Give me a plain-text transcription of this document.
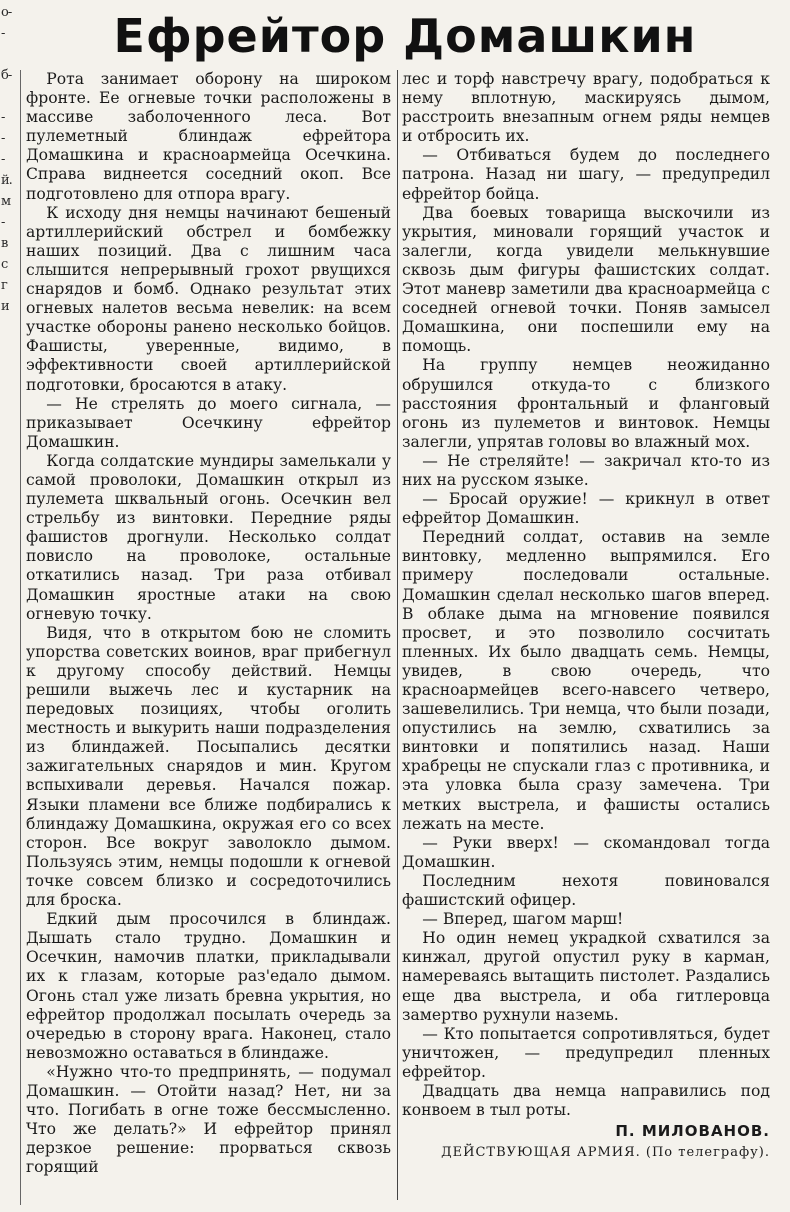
о-
-
б-
-
-
-
й.
м
-
в
с
г
и
Ефрейтор Домашкин

Рота занимает оборону на широком фронте. Ее огневые точки расположены в массиве заболоченного леса. Вот пулеметный блиндаж ефрейтора Домашкина и красноармейца Осечкина. Справа виднеется соседний окоп. Все подготовлено для отпора врагу.

К исходу дня немцы начинают бешеный артиллерийский обстрел и бомбежку наших позиций. Два с лишним часа слышится непрерывный грохот рвущихся снарядов и бомб. Однако результат этих огневых налетов весьма невелик: на всем участке обороны ранено несколько бойцов. Фашисты, уверенные, видимо, в эффективности своей артиллерийской подготовки, бросаются в атаку.

— Не стрелять до моего сигнала, — приказывает Осечкину ефрейтор Домашкин.

Когда солдатские мундиры замелькали у самой проволоки, Домашкин открыл из пулемета шквальный огонь. Осечкин вел стрельбу из винтовки. Передние ряды фашистов дрогнули. Несколько солдат повисло на проволоке, остальные откатились назад. Три раза отбивал Домашкин яростные атаки на свою огневую точку.

Видя, что в открытом бою не сломить упорства советских воинов, враг прибегнул к другому способу действий. Немцы решили выжечь лес и кустарник на передовых позициях, чтобы оголить местность и выкурить наши подразделения из блиндажей. Посыпались десятки зажигательных снарядов и мин. Кругом вспыхивали деревья. Начался пожар. Языки пламени все ближе подбирались к блиндажу Домашкина, окружая его со всех сторон. Все вокруг заволокло дымом. Пользуясь этим, немцы подошли к огневой точке совсем близко и сосредоточились для броска.

Едкий дым просочился в блиндаж. Дышать стало трудно. Домашкин и Осечкин, намочив платки, прикладывали их к глазам, которые раз'едало дымом. Огонь стал уже лизать бревна укрытия, но ефрейтор продолжал посылать очередь за очередью в сторону врага. Наконец, стало невозможно оставаться в блиндаже.

«Нужно что-то предпринять, — подумал Домашкин. — Отойти назад? Нет, ни за что. Погибать в огне тоже бессмысленно. Что же делать?» И ефрейтор принял дерзкое решение: прорваться сквозь горящий

лес и торф навстречу врагу, подобраться к нему вплотную, маскируясь дымом, расстроить внезапным огнем ряды немцев и отбросить их.

— Отбиваться будем до последнего патрона. Назад ни шагу, — предупредил ефрейтор бойца.

Два боевых товарища выскочили из укрытия, миновали горящий участок и залегли, когда увидели мелькнувшие сквозь дым фигуры фашистских солдат. Этот маневр заметили два красноармейца с соседней огневой точки. Поняв замысел Домашкина, они поспешили ему на помощь.

На группу немцев неожиданно обрушился откуда-то с близкого расстояния фронтальный и фланговый огонь из пулеметов и винтовок. Немцы залегли, упрятав головы во влажный мох.

— Не стреляйте! — закричал кто-то из них на русском языке.

— Бросай оружие! — крикнул в ответ ефрейтор Домашкин.

Передний солдат, оставив на земле винтовку, медленно выпрямился. Его примеру последовали остальные. Домашкин сделал несколько шагов вперед. В облаке дыма на мгновение появился просвет, и это позволило сосчитать пленных. Их было двадцать семь. Немцы, увидев, в свою очередь, что красноармейцев всего-навсего четверо, зашевелились. Три немца, что были позади, опустились на землю, схватились за винтовки и попятились назад. Наши храбрецы не спускали глаз с противника, и эта уловка была сразу замечена. Три метких выстрела, и фашисты остались лежать на месте.

— Руки вверх! — скомандовал тогда Домашкин.

Последним нехотя повиновался фашистский офицер.

— Вперед, шагом марш!

Но один немец украдкой схватился за кинжал, другой опустил руку в карман, намереваясь вытащить пистолет. Раздались еще два выстрела, и оба гитлеровца замертво рухнули наземь.

— Кто попытается сопротивляться, будет уничтожен, — предупредил пленных ефрейтор.

Двадцать два немца направились под конвоем в тыл роты.

П. МИЛОВАНОВ.
ДЕЙСТВУЮЩАЯ АРМИЯ. (По телеграфу).
